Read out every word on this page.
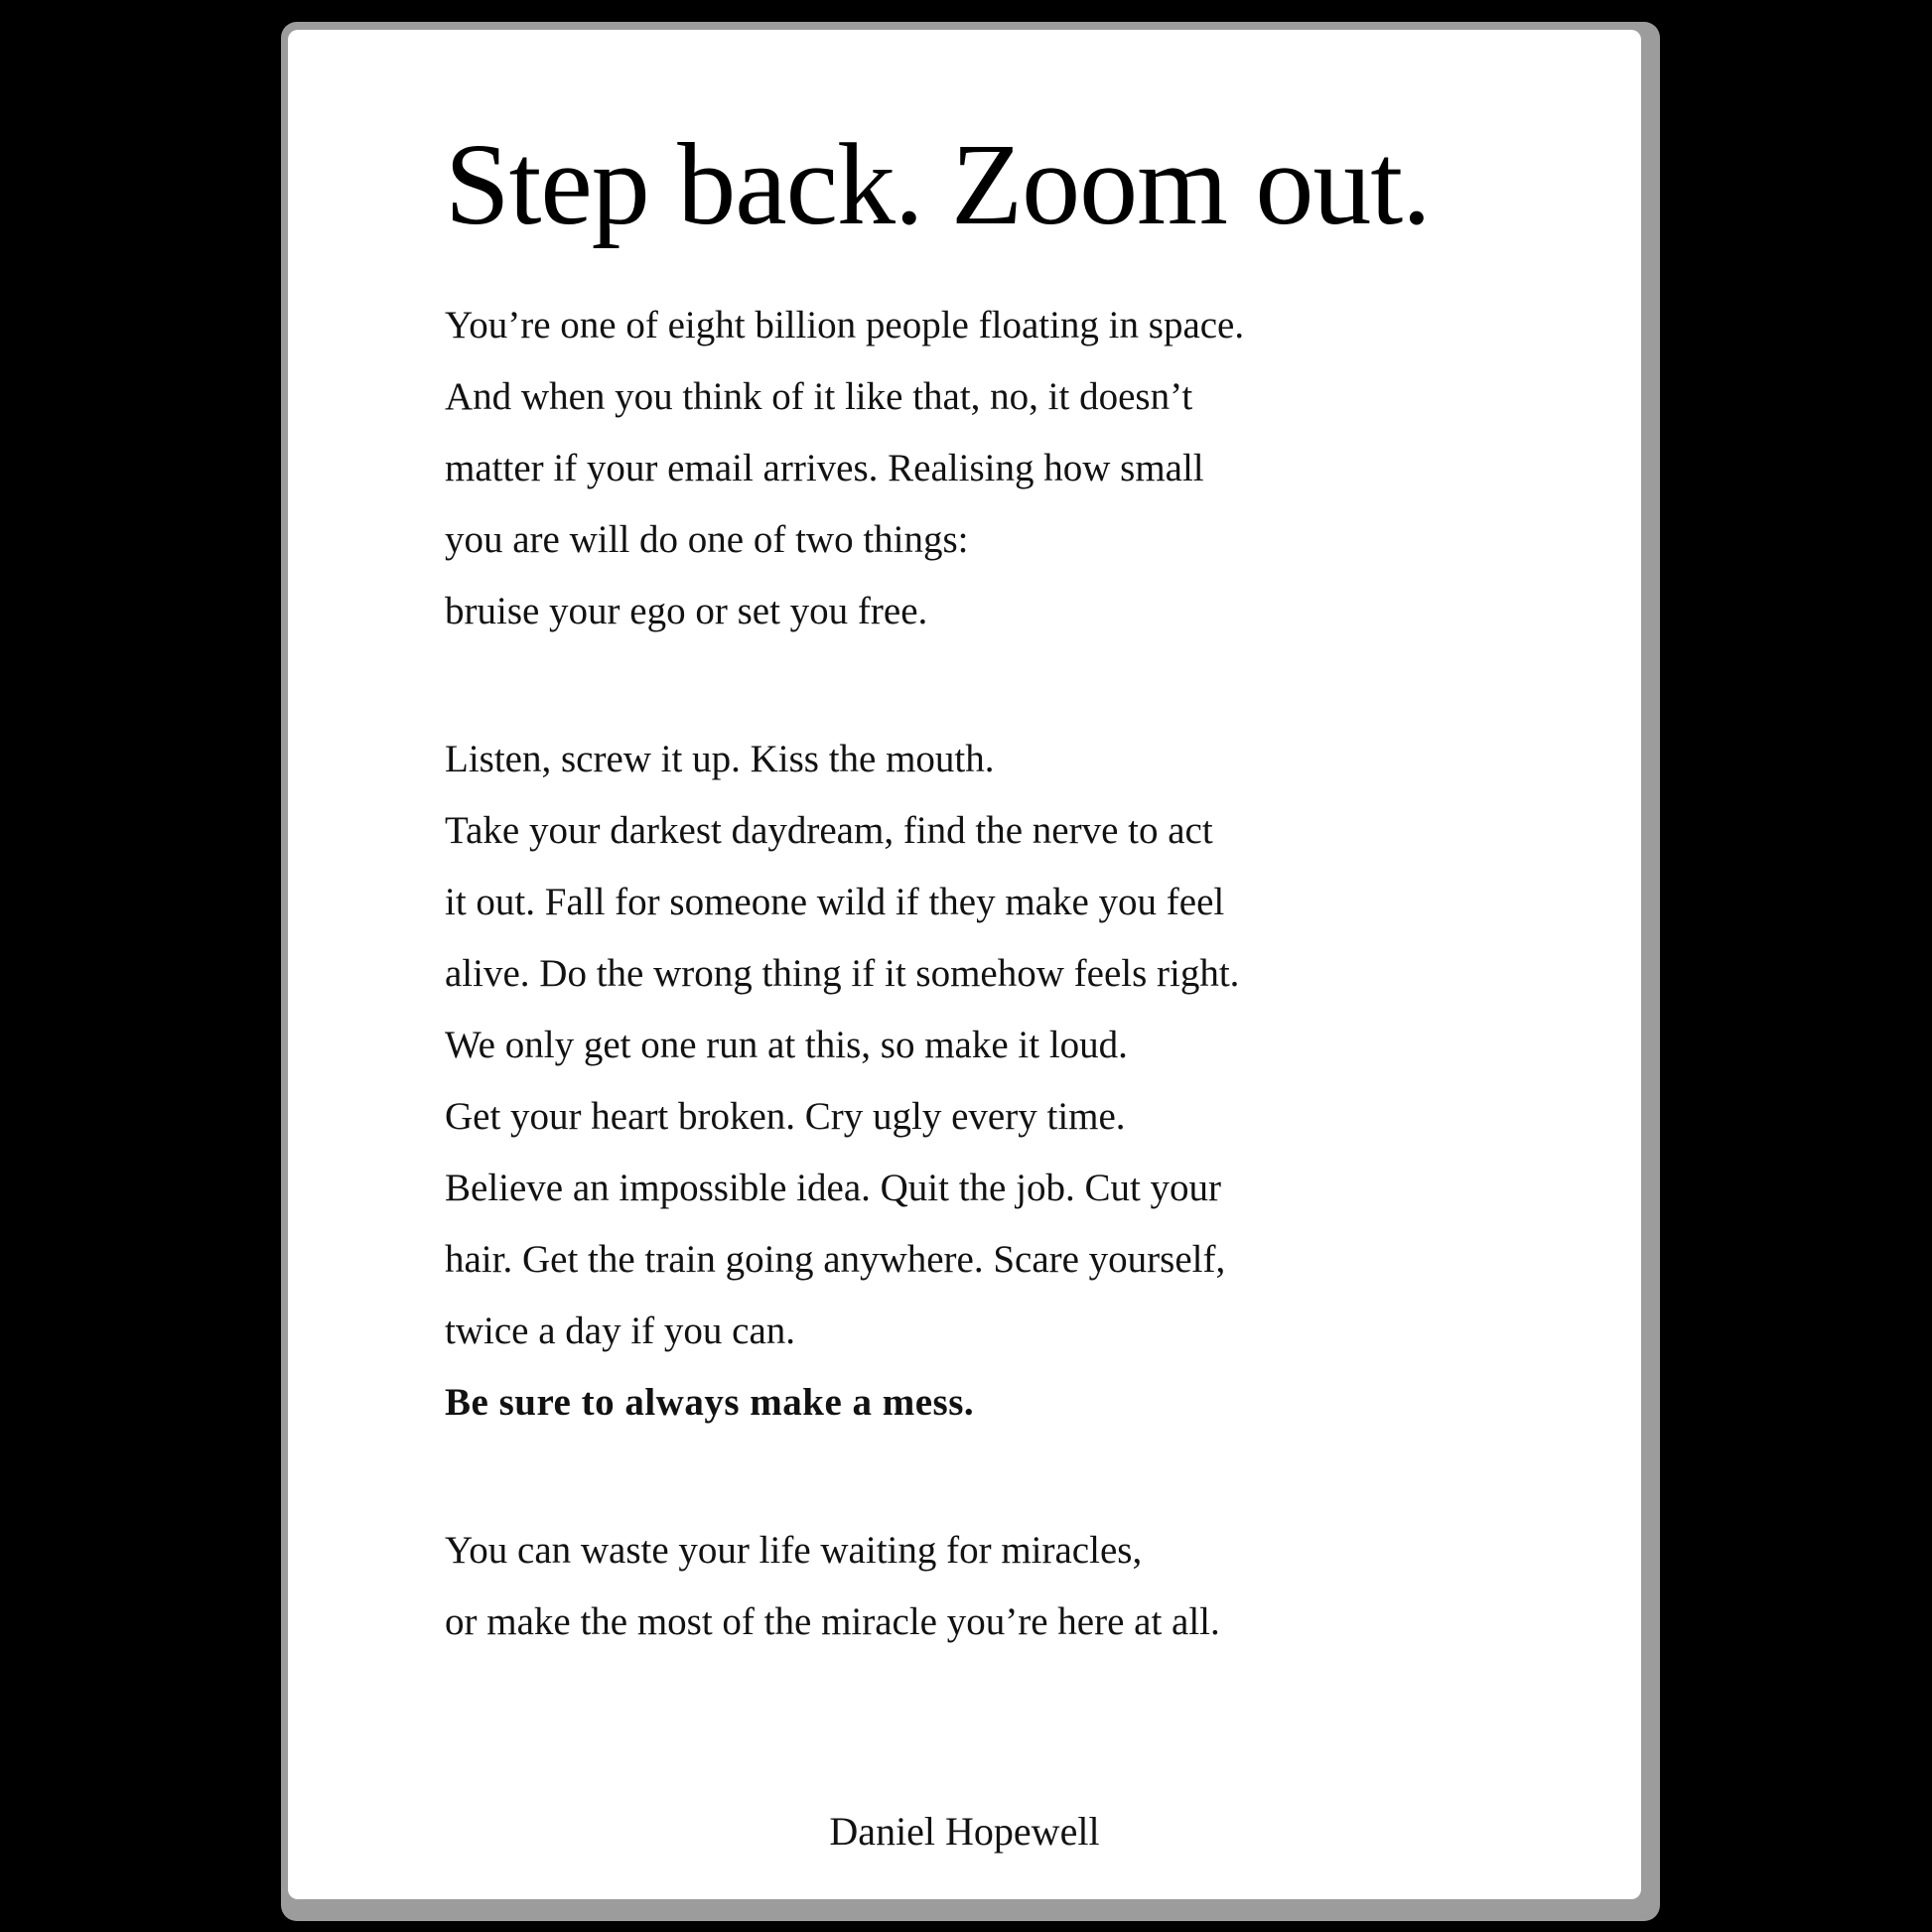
Step back. Zoom out.
You’re one of eight billion people floating in space.
And when you think of it like that, no, it doesn’t
matter if your email arrives. Realising how small
you are will do one of two things:
bruise your ego or set you free.
Listen, screw it up. Kiss the mouth.
Take your darkest daydream, find the nerve to act
it out. Fall for someone wild if they make you feel
alive. Do the wrong thing if it somehow feels right.
We only get one run at this, so make it loud.
Get your heart broken. Cry ugly every time.
Believe an impossible idea. Quit the job. Cut your
hair. Get the train going anywhere. Scare yourself,
twice a day if you can.
Be sure to always make a mess.
You can waste your life waiting for miracles,
or make the most of the miracle you’re here at all.
Daniel Hopewell
